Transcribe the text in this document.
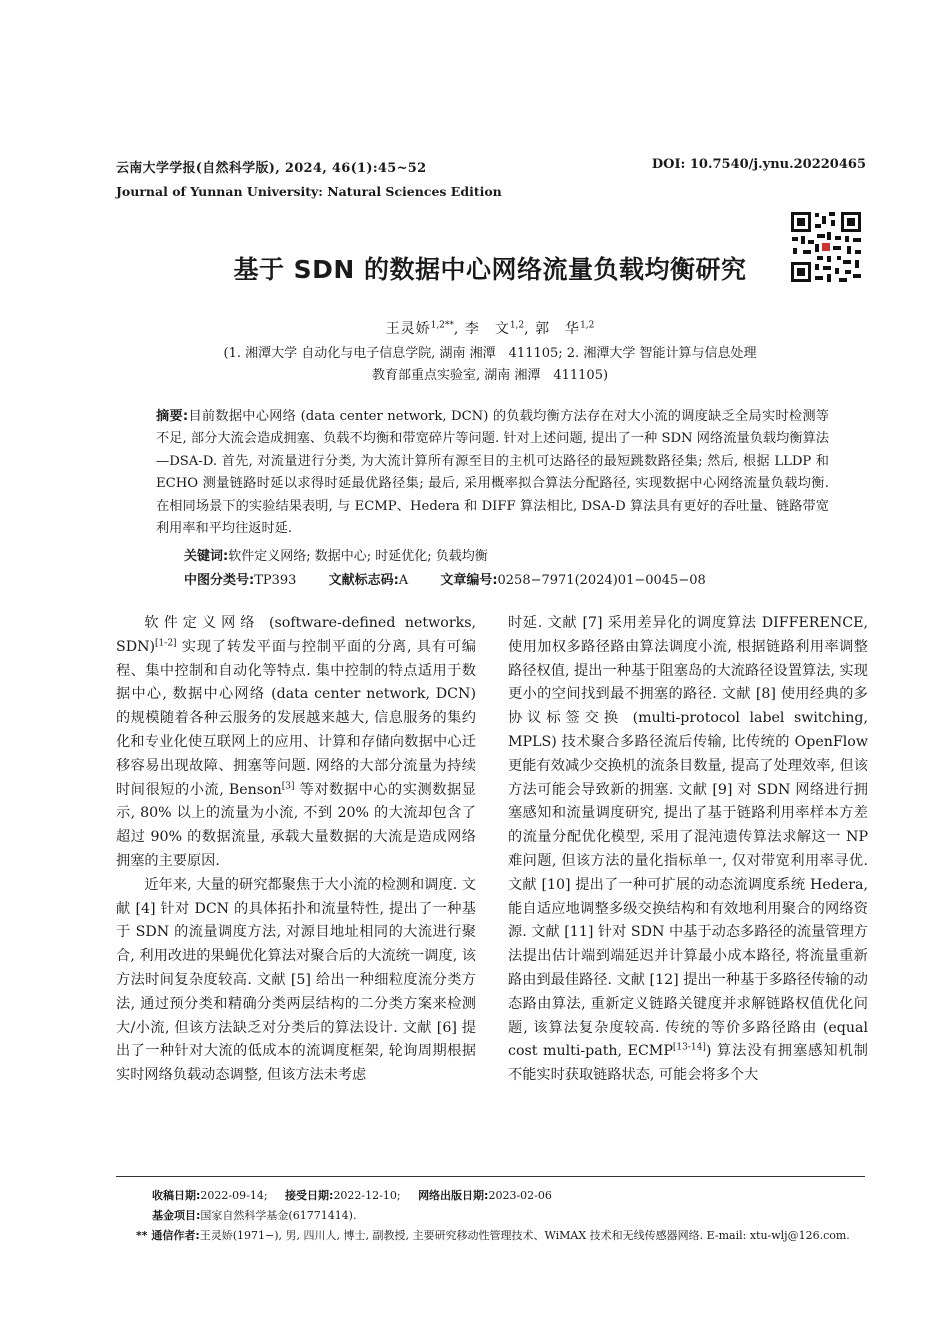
云南大学学报(自然科学版), 2024, 46(1):45~52	DOI: 10.7540/j.ynu.20220465
Journal of Yunnan University: Natural Sciences Edition
基于 SDN 的数据中心网络流量负载均衡研究
王灵娇$^{1,2**}$, 李　文$^{1,2}$, 郭　华$^{1,2}$
(1. 湘潭大学 自动化与电子信息学院, 湖南 湘潭　411105; 2. 湘潭大学 智能计算与信息处理
教育部重点实验室, 湖南 湘潭　411105)
摘要:目前数据中心网络 (data center network, DCN) 的负载均衡方法存在对大小流的调度缺乏全局实时检测等不足, 部分大流会造成拥塞、负载不均衡和带宽碎片等问题. 针对上述问题, 提出了一种 SDN 网络流量负载均衡算法—DSA-D. 首先, 对流量进行分类, 为大流计算所有源至目的主机可达路径的最短跳数路径集; 然后, 根据 LLDP 和 ECHO 测量链路时延以求得时延最优路径集; 最后, 采用概率拟合算法分配路径, 实现数据中心网络流量负载均衡. 在相同场景下的实验结果表明, 与 ECMP、Hedera 和 DIFF 算法相比, DSA-D 算法具有更好的吞吐量、链路带宽利用率和平均往返时延.
关键词:软件定义网络; 数据中心; 时延优化; 负载均衡
中图分类号:TP393 文献标志码:A 文章编号:0258−7971(2024)01−0045−08

软件定义网络 (software-defined networks, SDN)[1-2] 实现了转发平面与控制平面的分离, 具有可编程、集中控制和自动化等特点. 集中控制的特点适用于数据中心, 数据中心网络 (data center network, DCN) 的规模随着各种云服务的发展越来越大, 信息服务的集约化和专业化使互联网上的应用、计算和存储向数据中心迁移容易出现故障、拥塞等问题. 网络的大部分流量为持续时间很短的小流, Benson[3] 等对数据中心的实测数据显示, 80% 以上的流量为小流, 不到 20% 的大流却包含了超过 90% 的数据流量, 承载大量数据的大流是造成网络拥塞的主要原因.

近年来, 大量的研究都聚焦于大小流的检测和调度. 文献 [4] 针对 DCN 的具体拓扑和流量特性, 提出了一种基于 SDN 的流量调度方法, 对源目地址相同的大流进行聚合, 利用改进的果蝇优化算法对聚合后的大流统一调度, 该方法时间复杂度较高. 文献 [5] 给出一种细粒度流分类方法, 通过预分类和精确分类两层结构的二分类方案来检测大/小流, 但该方法缺乏对分类后的算法设计. 文献 [6] 提出了一种针对大流的低成本的流调度框架, 轮询周期根据实时网络负载动态调整, 但该方法未考虑

时延. 文献 [7] 采用差异化的调度算法 DIFFERENCE, 使用加权多路径路由算法调度小流, 根据链路利用率调整路径权值, 提出一种基于阻塞岛的大流路径设置算法, 实现更小的空间找到最不拥塞的路径. 文献 [8] 使用经典的多协议标签交换 (multi-protocol label switching, MPLS) 技术聚合多路径流后传输, 比传统的 OpenFlow 更能有效减少交换机的流条目数量, 提高了处理效率, 但该方法可能会导致新的拥塞. 文献 [9] 对 SDN 网络进行拥塞感知和流量调度研究, 提出了基于链路利用率样本方差的流量分配优化模型, 采用了混沌遗传算法求解这一 NP 难问题, 但该方法的量化指标单一, 仅对带宽利用率寻优. 文献 [10] 提出了一种可扩展的动态流调度系统 Hedera, 能自适应地调整多级交换结构和有效地利用聚合的网络资源. 文献 [11] 针对 SDN 中基于动态多路径的流量管理方法提出估计端到端延迟并计算最小成本路径, 将流量重新路由到最佳路径. 文献 [12] 提出一种基于多路径传输的动态路由算法, 重新定义链路关键度并求解链路权值优化问题, 该算法复杂度较高. 传统的等价多路径路由 (equal cost multi-path, ECMP[13-14]) 算法没有拥塞感知机制不能实时获取链路状态, 可能会将多个大

收稿日期:2022-09-14; 接受日期:2022-12-10; 网络出版日期:2023-02-06
基金项目:国家自然科学基金(61771414).
** 通信作者:王灵娇(1971−), 男, 四川人, 博士, 副教授, 主要研究移动性管理技术、WiMAX 技术和无线传感器网络. E-mail: xtu-wlj@126.com.
